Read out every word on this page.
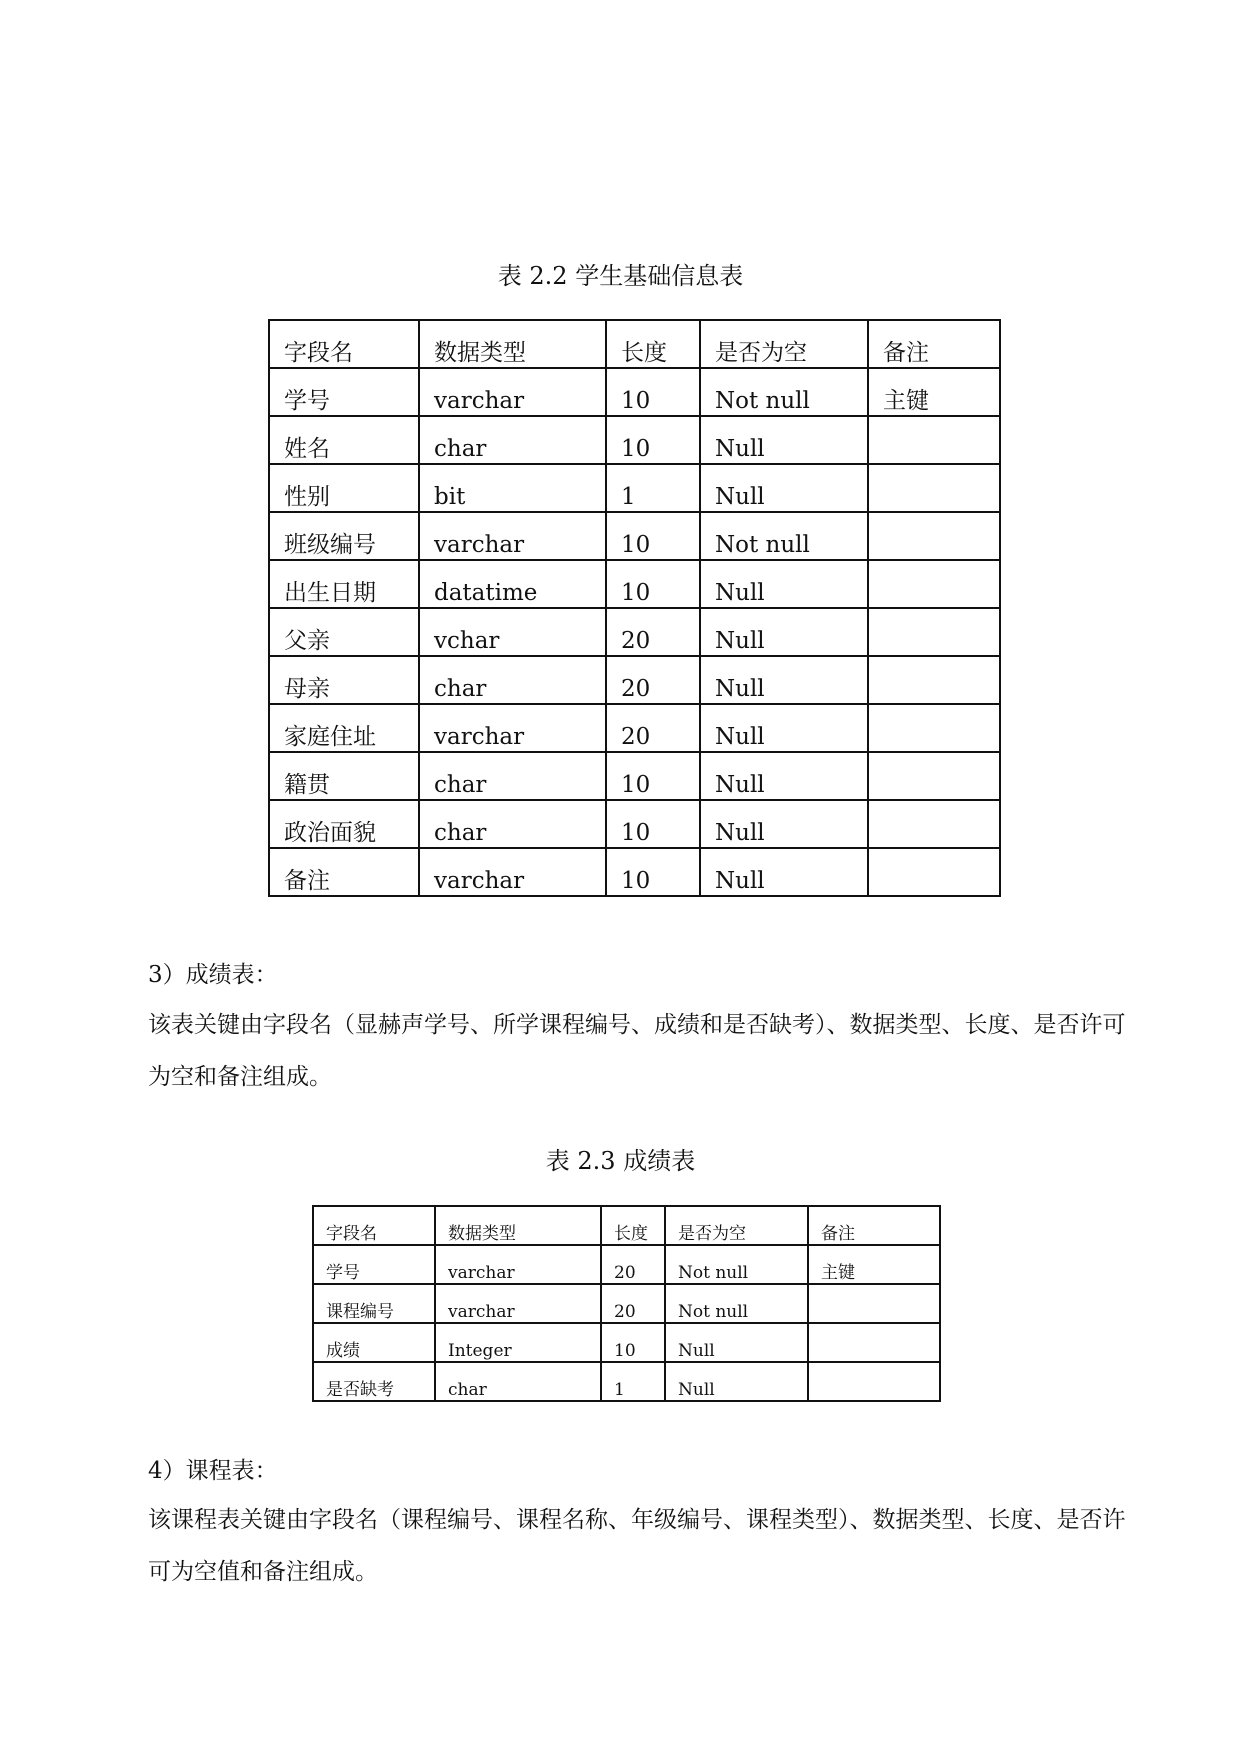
表 2.2 学生基础信息表
字段名	数据类型	长度	是否为空	备注
学号	varchar	10	Not null	主键
姓名	char	10	Null	
性别	bit	1	Null	
班级编号	varchar	10	Not null	
出生日期	datatime	10	Null	
父亲	vchar	20	Null	
母亲	char	20	Null	
家庭住址	varchar	20	Null	
籍贯	char	10	Null	
政治面貌	char	10	Null	
备注	varchar	10	Null	
3）成绩表：
该表关键由字段名（显赫声学号、所学课程编号、成绩和是否缺考）、数据类型、长度、是否许可为空和备注组成。
表 2.3 成绩表
字段名	数据类型	长度	是否为空	备注
学号	varchar	20	Not null	主键
课程编号	varchar	20	Not null	
成绩	Integer	10	Null	
是否缺考	char	1	Null	
4）课程表：
该课程表关键由字段名（课程编号、课程名称、年级编号、课程类型）、数据类型、长度、是否许可为空值和备注组成。
